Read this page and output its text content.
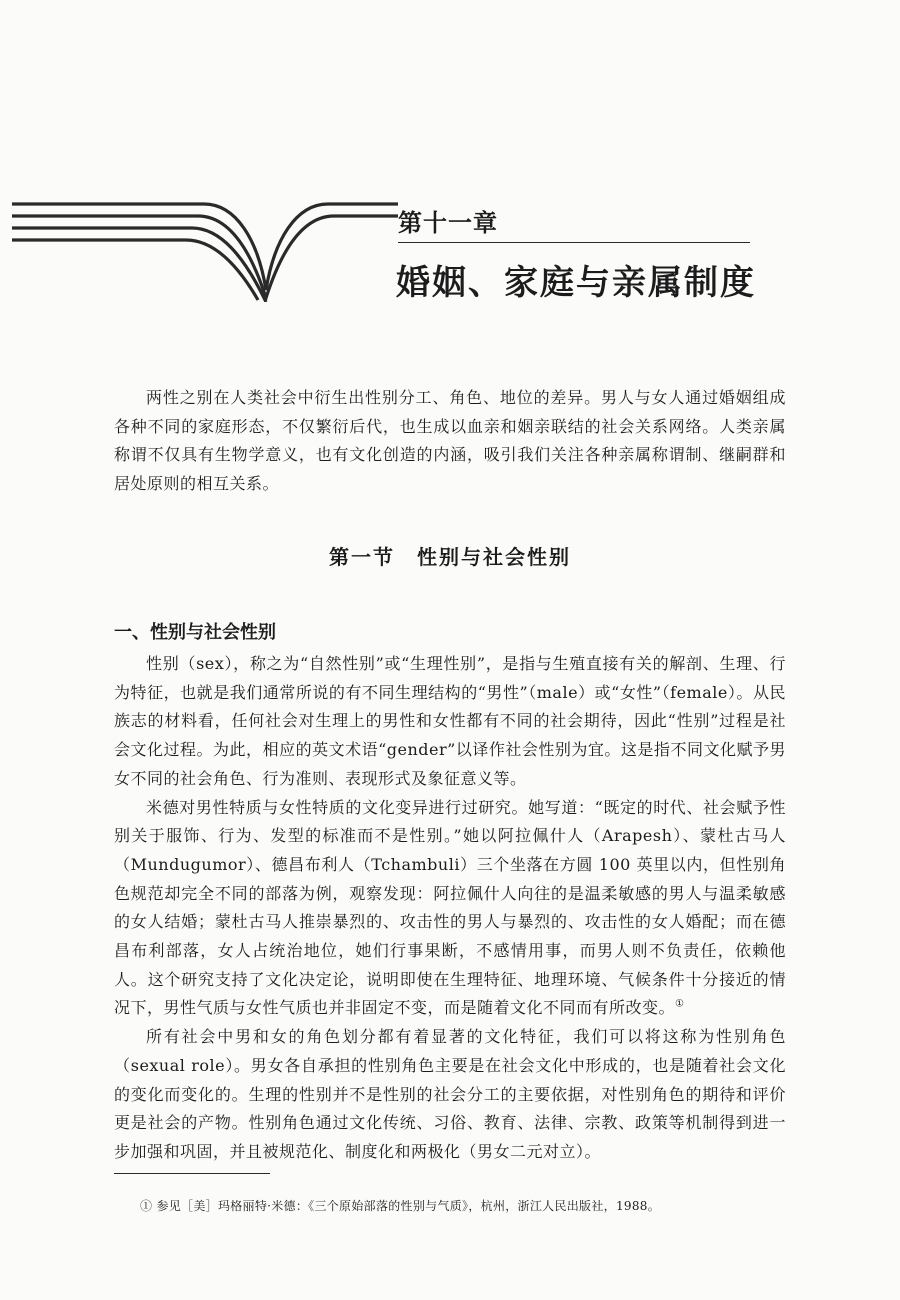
第十一章
婚姻、家庭与亲属制度

两性之别在人类社会中衍生出性别分工、角色、地位的差异。男人与女人通过婚姻组成各种不同的家庭形态，不仅繁衍后代，也生成以血亲和姻亲联结的社会关系网络。人类亲属称谓不仅具有生物学意义，也有文化创造的内涵，吸引我们关注各种亲属称谓制、继嗣群和居处原则的相互关系。

第一节　性别与社会性别
一、性别与社会性别

性别（sex），称之为“自然性别”或“生理性别”，是指与生殖直接有关的解剖、生理、行为特征，也就是我们通常所说的有不同生理结构的“男性”（male）或“女性”（female）。从民族志的材料看，任何社会对生理上的男性和女性都有不同的社会期待，因此“性别”过程是社会文化过程。为此，相应的英文术语“gender”以译作社会性别为宜。这是指不同文化赋予男女不同的社会角色、行为准则、表现形式及象征意义等。

米德对男性特质与女性特质的文化变异进行过研究。她写道：“既定的时代、社会赋予性别关于服饰、行为、发型的标准而不是性别。”她以阿拉佩什人（Arapesh）、蒙杜古马人（Mundugumor）、德昌布利人（Tchambuli）三个坐落在方圆 100 英里以内，但性别角色规范却完全不同的部落为例，观察发现：阿拉佩什人向往的是温柔敏感的男人与温柔敏感的女人结婚；蒙杜古马人推崇暴烈的、攻击性的男人与暴烈的、攻击性的女人婚配；而在德昌布利部落，女人占统治地位，她们行事果断，不感情用事，而男人则不负责任，依赖他人。这个研究支持了文化决定论，说明即使在生理特征、地理环境、气候条件十分接近的情况下，男性气质与女性气质也并非固定不变，而是随着文化不同而有所改变。①

所有社会中男和女的角色划分都有着显著的文化特征，我们可以将这称为性别角色（sexual role）。男女各自承担的性别角色主要是在社会文化中形成的，也是随着社会文化的变化而变化的。生理的性别并不是性别的社会分工的主要依据，对性别角色的期待和评价更是社会的产物。性别角色通过文化传统、习俗、教育、法律、宗教、政策等机制得到进一步加强和巩固，并且被规范化、制度化和两极化（男女二元对立）。

① 参见［美］玛格丽特·米德：《三个原始部落的性别与气质》，杭州，浙江人民出版社，1988。
